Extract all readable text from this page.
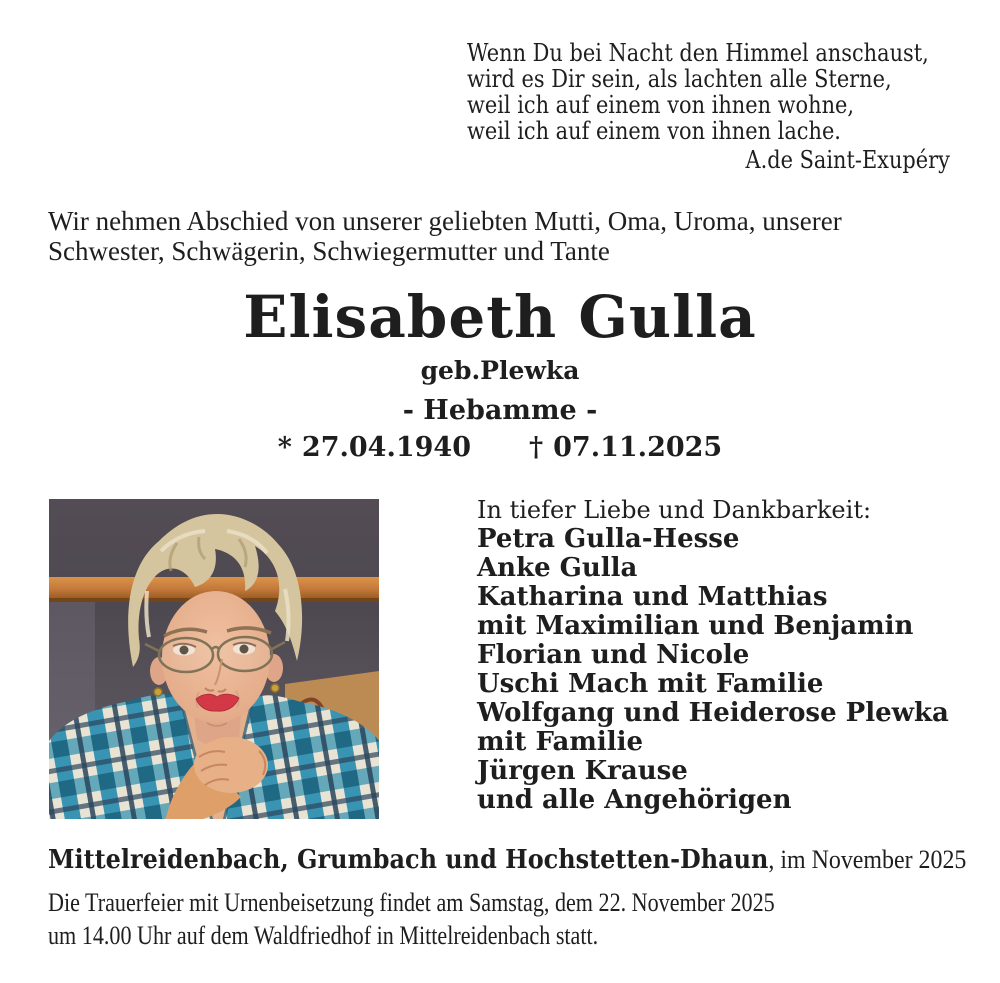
Wenn Du bei Nacht den Himmel anschaust,
wird es Dir sein, als lachten alle Sterne,
weil ich auf einem von ihnen wohne,
weil ich auf einem von ihnen lache.
A.de Saint-Exupéry
Wir nehmen Abschied von unserer geliebten Mutti, Oma, Uroma, unserer
Schwester, Schwägerin, Schwiegermutter und Tante
Elisabeth Gulla
geb.Plewka
- Hebamme -
* 27.04.1940 † 07.11.2025
In tiefer Liebe und Dankbarkeit:
Petra Gulla-Hesse
Anke Gulla
Katharina und Matthias
mit Maximilian und Benjamin
Florian und Nicole
Uschi Mach mit Familie
Wolfgang und Heiderose Plewka
mit Familie
Jürgen Krause
und alle Angehörigen
Mittelreidenbach, Grumbach und Hochstetten-Dhaun, im November 2025
Die Trauerfeier mit Urnenbeisetzung findet am Samstag, dem 22. November 2025
um 14.00 Uhr auf dem Waldfriedhof in Mittelreidenbach statt.
